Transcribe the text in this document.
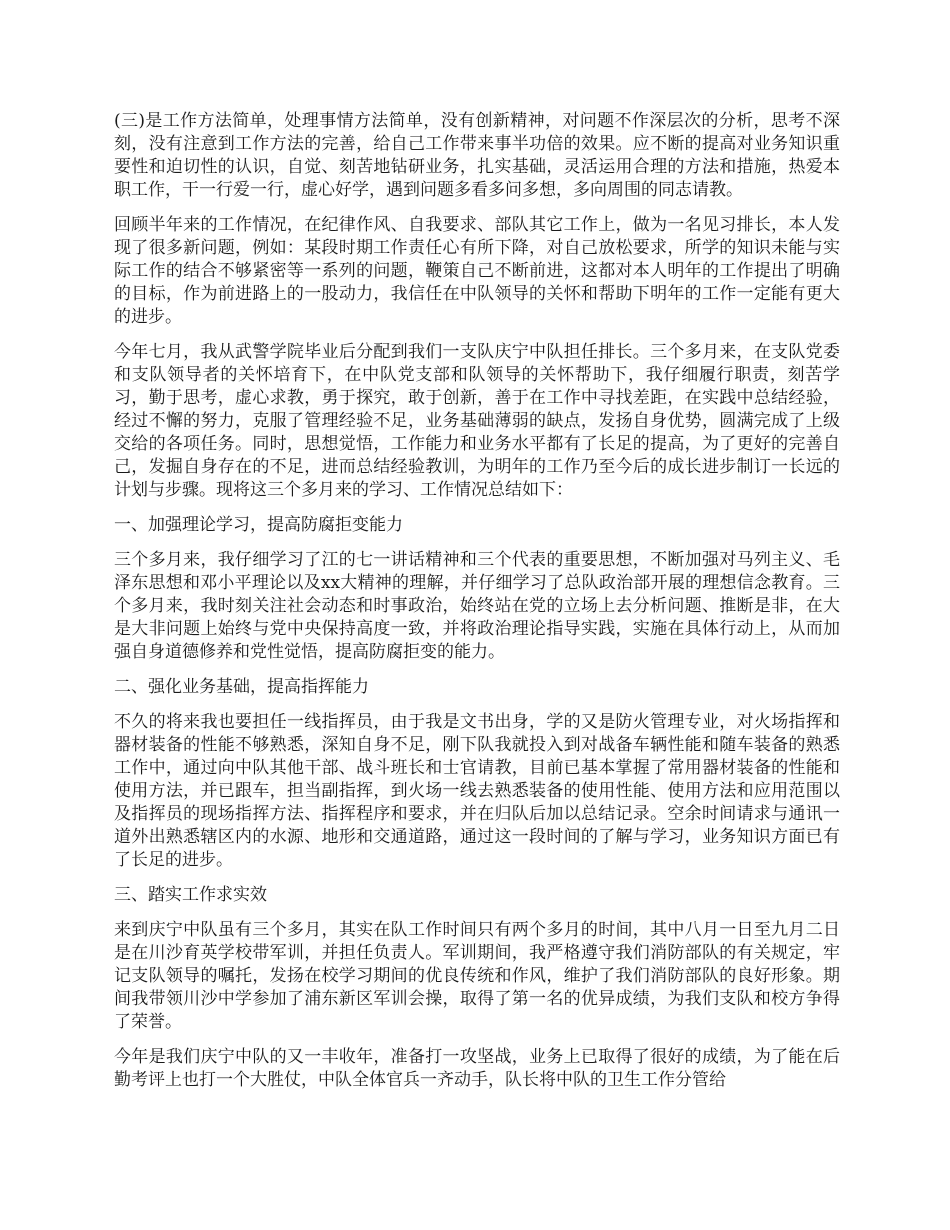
(三)是工作方法简单，处理事情方法简单，没有创新精神，对问题不作深层次的分析，思考不深刻，没有注意到工作方法的完善，给自己工作带来事半功倍的效果。应不断的提高对业务知识重要性和迫切性的认识，自觉、刻苦地钻研业务，扎实基础，灵活运用合理的方法和措施，热爱本职工作，干一行爱一行，虚心好学，遇到问题多看多问多想，多向周围的同志请教。

回顾半年来的工作情况，在纪律作风、自我要求、部队其它工作上，做为一名见习排长，本人发现了很多新问题，例如：某段时期工作责任心有所下降，对自己放松要求，所学的知识未能与实际工作的结合不够紧密等一系列的问题，鞭策自己不断前进，这都对本人明年的工作提出了明确的目标，作为前进路上的一股动力，我信任在中队领导的关怀和帮助下明年的工作一定能有更大的进步。

今年七月，我从武警学院毕业后分配到我们一支队庆宁中队担任排长。三个多月来，在支队党委和支队领导者的关怀培育下，在中队党支部和队领导的关怀帮助下，我仔细履行职责，刻苦学习，勤于思考，虚心求教，勇于探究，敢于创新，善于在工作中寻找差距，在实践中总结经验，经过不懈的努力，克服了管理经验不足，业务基础薄弱的缺点，发扬自身优势，圆满完成了上级交给的各项任务。同时，思想觉悟，工作能力和业务水平都有了长足的提高，为了更好的完善自己，发掘自身存在的不足，进而总结经验教训，为明年的工作乃至今后的成长进步制订一长远的计划与步骤。现将这三个多月来的学习、工作情况总结如下：

一、加强理论学习，提高防腐拒变能力

三个多月来，我仔细学习了江的七一讲话精神和三个代表的重要思想，不断加强对马列主义、毛泽东思想和邓小平理论以及xx大精神的理解，并仔细学习了总队政治部开展的理想信念教育。三个多月来，我时刻关注社会动态和时事政治，始终站在党的立场上去分析问题、推断是非，在大是大非问题上始终与党中央保持高度一致，并将政治理论指导实践，实施在具体行动上，从而加强自身道德修养和党性觉悟，提高防腐拒变的能力。

二、强化业务基础，提高指挥能力

不久的将来我也要担任一线指挥员，由于我是文书出身，学的又是防火管理专业，对火场指挥和器材装备的性能不够熟悉，深知自身不足，刚下队我就投入到对战备车辆性能和随车装备的熟悉工作中，通过向中队其他干部、战斗班长和士官请教，目前已基本掌握了常用器材装备的性能和使用方法，并已跟车，担当副指挥，到火场一线去熟悉装备的使用性能、使用方法和应用范围以及指挥员的现场指挥方法、指挥程序和要求，并在归队后加以总结记录。空余时间请求与通讯一道外出熟悉辖区内的水源、地形和交通道路，通过这一段时间的了解与学习，业务知识方面已有了长足的进步。

三、踏实工作求实效

来到庆宁中队虽有三个多月，其实在队工作时间只有两个多月的时间，其中八月一日至九月二日是在川沙育英学校带军训，并担任负责人。军训期间，我严格遵守我们消防部队的有关规定，牢记支队领导的嘱托，发扬在校学习期间的优良传统和作风，维护了我们消防部队的良好形象。期间我带领川沙中学参加了浦东新区军训会操，取得了第一名的优异成绩，为我们支队和校方争得了荣誉。

今年是我们庆宁中队的又一丰收年，准备打一攻坚战，业务上已取得了很好的成绩，为了能在后勤考评上也打一个大胜仗，中队全体官兵一齐动手，队长将中队的卫生工作分管给
